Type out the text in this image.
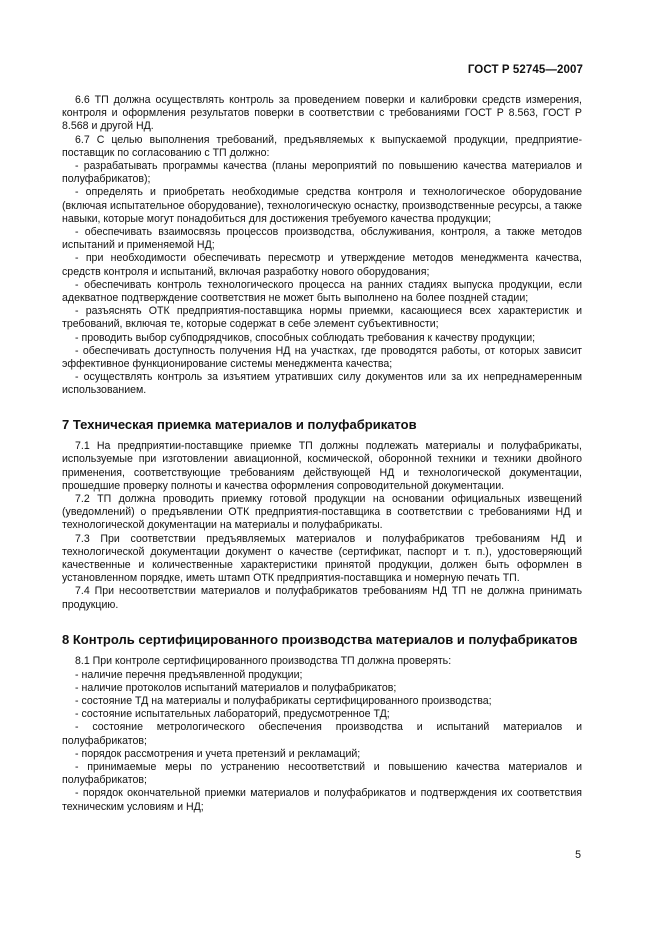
ГОСТ Р 52745—2007

6.6 ТП должна осуществлять контроль за проведением поверки и калибровки средств измерения, контроля и оформления результатов поверки в соответствии с требованиями ГОСТ Р 8.563, ГОСТ Р 8.568 и другой НД.

6.7 С целью выполнения требований, предъявляемых к выпускаемой продукции, предприятие-поставщик по согласованию с ТП должно:

- разрабатывать программы качества (планы мероприятий по повышению качества материалов и полуфабрикатов);

- определять и приобретать необходимые средства контроля и технологическое оборудование (включая испытательное оборудование), технологическую оснастку, производственные ресурсы, а также навыки, которые могут понадобиться для достижения требуемого качества продукции;

- обеспечивать взаимосвязь процессов производства, обслуживания, контроля, а также методов испытаний и применяемой НД;

- при необходимости обеспечивать пересмотр и утверждение методов менеджмента качества, средств контроля и испытаний, включая разработку нового оборудования;

- обеспечивать контроль технологического процесса на ранних стадиях выпуска продукции, если адекватное подтверждение соответствия не может быть выполнено на более поздней стадии;

- разъяснять ОТК предприятия-поставщика нормы приемки, касающиеся всех характеристик и требований, включая те, которые содержат в себе элемент субъективности;

- проводить выбор субподрядчиков, способных соблюдать требования к качеству продукции;

- обеспечивать доступность получения НД на участках, где проводятся работы, от которых зависит эффективное функционирование системы менеджмента качества;

- осуществлять контроль за изъятием утративших силу документов или за их непреднамеренным использованием.

7 Техническая приемка материалов и полуфабрикатов

7.1 На предприятии-поставщике приемке ТП должны подлежать материалы и полуфабрикаты, используемые при изготовлении авиационной, космической, оборонной техники и техники двойного применения, соответствующие требованиям действующей НД и технологической документации, прошедшие проверку полноты и качества оформления сопроводительной документации.

7.2 ТП должна проводить приемку готовой продукции на основании официальных извещений (уведомлений) о предъявлении ОТК предприятия-поставщика в соответствии с требованиями НД и технологической документации на материалы и полуфабрикаты.

7.3 При соответствии предъявляемых материалов и полуфабрикатов требованиям НД и технологической документации документ о качестве (сертификат, паспорт и т. п.), удостоверяющий качественные и количественные характеристики принятой продукции, должен быть оформлен в установленном порядке, иметь штамп ОТК предприятия-поставщика и номерную печать ТП.

7.4 При несоответствии материалов и полуфабрикатов требованиям НД ТП не должна принимать продукцию.

8 Контроль сертифицированного производства материалов и полуфабрикатов

8.1 При контроле сертифицированного производства ТП должна проверять:

- наличие перечня предъявленной продукции;

- наличие протоколов испытаний материалов и полуфабрикатов;

- состояние ТД на материалы и полуфабрикаты сертифицированного производства;

- состояние испытательных лабораторий, предусмотренное ТД;

- состояние метрологического обеспечения производства и испытаний материалов и полуфабрикатов;

- порядок рассмотрения и учета претензий и рекламаций;

- принимаемые меры по устранению несоответствий и повышению качества материалов и полуфабрикатов;

- порядок окончательной приемки материалов и полуфабрикатов и подтверждения их соответствия техническим условиям и НД;

5
